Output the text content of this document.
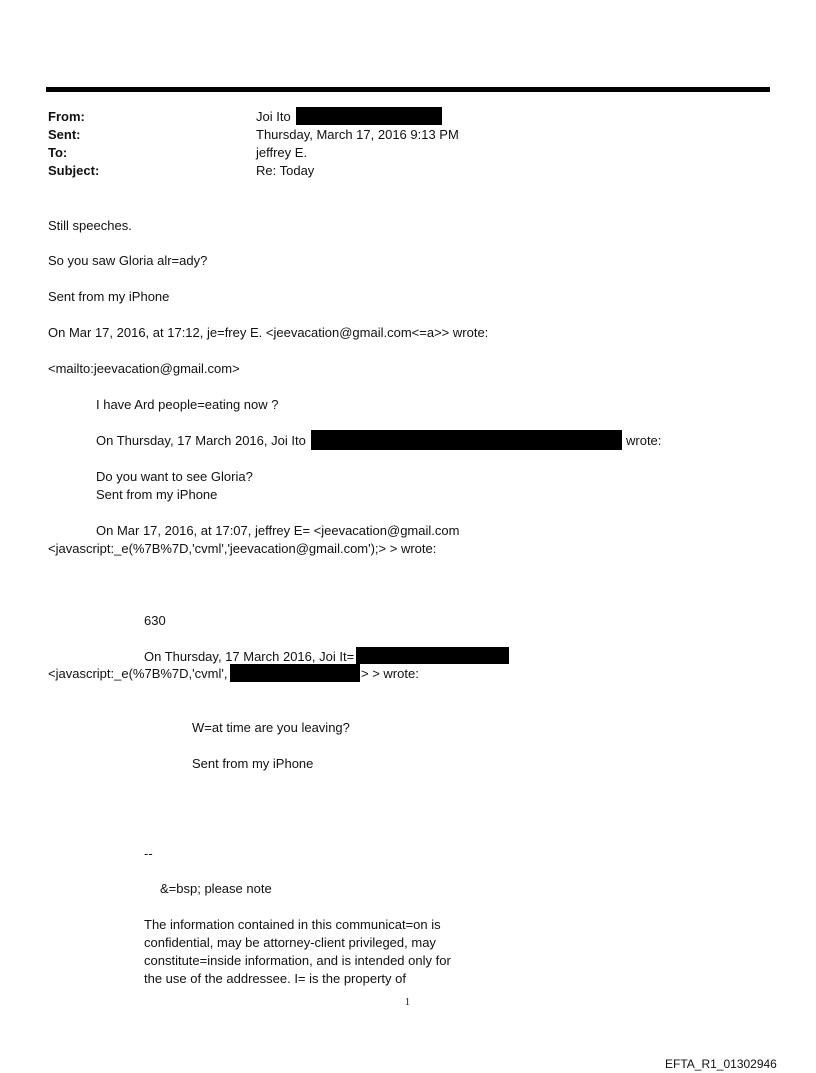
From:	Joi Ito
Sent:	Thursday, March 17, 2016 9:13 PM
To:	jeffrey E.
Subject:	Re: Today
Still speeches.
So you saw Gloria alr=ady?
Sent from my iPhone
On Mar 17, 2016, at 17:12, je=frey E. <jeevacation@gmail.com<=a>> wrote:
<mailto:jeevacation@gmail.com>
I have Ard people=eating now ?
On Thursday, 17 March 2016, Joi Ito	wrote:
Do you want to see Gloria?
Sent from my iPhone
On Mar 17, 2016, at 17:07, jeffrey E= <jeevacation@gmail.com
<javascript:_e(%7B%7D,'cvml','jeevacation@gmail.com');> > wrote:
630
On Thursday, 17 March 2016, Joi It=
<javascript:_e(%7B%7D,'cvml',	> > wrote:
W=at time are you leaving?
Sent from my iPhone
--
&=bsp; please note
The information contained in this communicat=on is
confidential, may be attorney-client privileged, may
constitute=inside information, and is intended only for
the use of the addressee. I= is the property of
1
EFTA_R1_01302946
